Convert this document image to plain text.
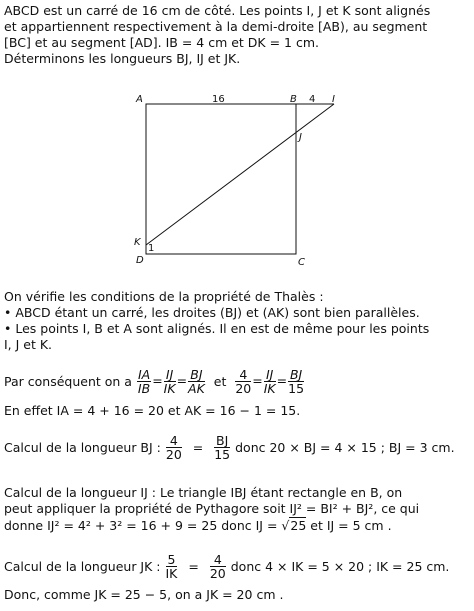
ABCD est un carré de 16 cm de côté. Les points I, J et K sont alignés
et appartiennent respectivement à la demi-droite [AB), au segment
[BC] et au segment [AD]. IB = 4 cm et DK = 1 cm.
Déterminons les longueurs BJ, IJ et JK.
A	16	B 4 I
J
K
1
D	C
On vérifie les conditions de la propriété de Thalès :
• ABCD étant un carré, les droites (BJ) et (AK) sont bien parallèles.
• Les points I, B et A sont alignés. Il en est de même pour les points
I, J et K.
Par conséquent on a $\frac{IA}{IB} = \frac{IJ}{IK} = \frac{BJ}{AK}$ et $\frac{4}{20} = \frac{IJ}{IK} = \frac{BJ}{15}$
En effet IA = 4 + 16 = 20 et AK = 16 − 1 = 15.
Calcul de la longueur BJ : $\frac{4}{20} = \frac{BJ}{15}$ donc 20 × BJ = 4 × 15 ; BJ = 3 cm.
Calcul de la longueur IJ : Le triangle IBJ étant rectangle en B, on
peut appliquer la propriété de Pythagore soit IJ² = BI² + BJ², ce qui
donne IJ² = 4² + 3² = 16 + 9 = 25 donc IJ = √25 et IJ = 5 cm .
Calcul de la longueur JK : $\frac{5}{IK} = \frac{4}{20}$ donc 4 × IK = 5 × 20 ; IK = 25 cm.
Donc, comme JK = 25 − 5, on a JK = 20 cm .
